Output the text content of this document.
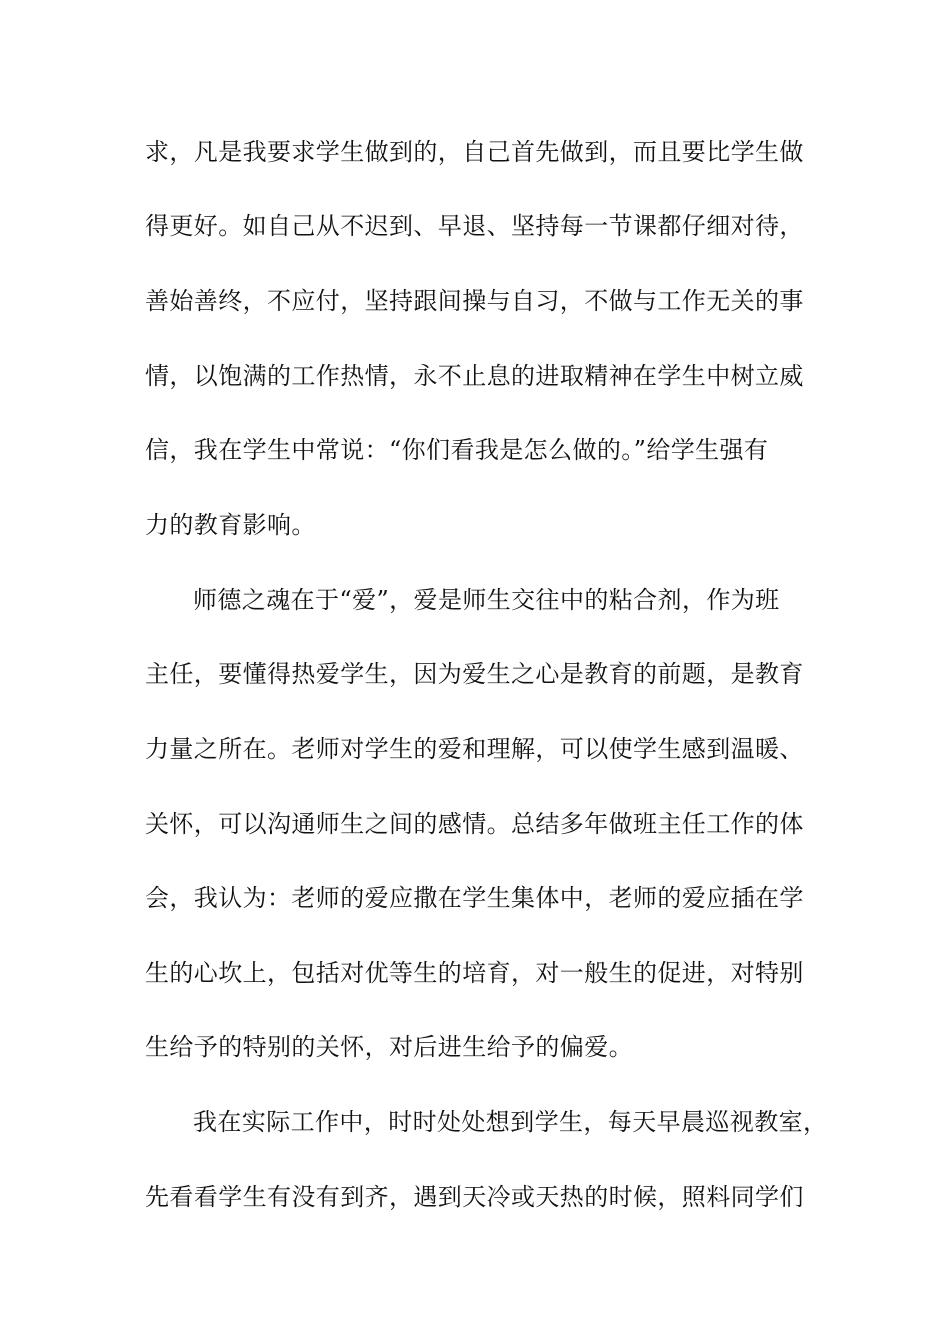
求，凡是我要求学生做到的，自己首先做到，而且要比学生做
得更好。如自己从不迟到、早退、坚持每一节课都仔细对待，
善始善终，不应付，坚持跟间操与自习，不做与工作无关的事
情，以饱满的工作热情，永不止息的进取精神在学生中树立威
信，我在学生中常说：“你们看我是怎么做的。”给学生强有
力的教育影响。
师德之魂在于“爱”，爱是师生交往中的粘合剂，作为班
主任，要懂得热爱学生，因为爱生之心是教育的前题，是教育
力量之所在。老师对学生的爱和理解，可以使学生感到温暖、
关怀，可以沟通师生之间的感情。总结多年做班主任工作的体
会，我认为：老师的爱应撒在学生集体中，老师的爱应插在学
生的心坎上，包括对优等生的培育，对一般生的促进，对特别
生给予的特别的关怀，对后进生给予的偏爱。
我在实际工作中，时时处处想到学生，每天早晨巡视教室，
先看看学生有没有到齐，遇到天冷或天热的时候，照料同学们
